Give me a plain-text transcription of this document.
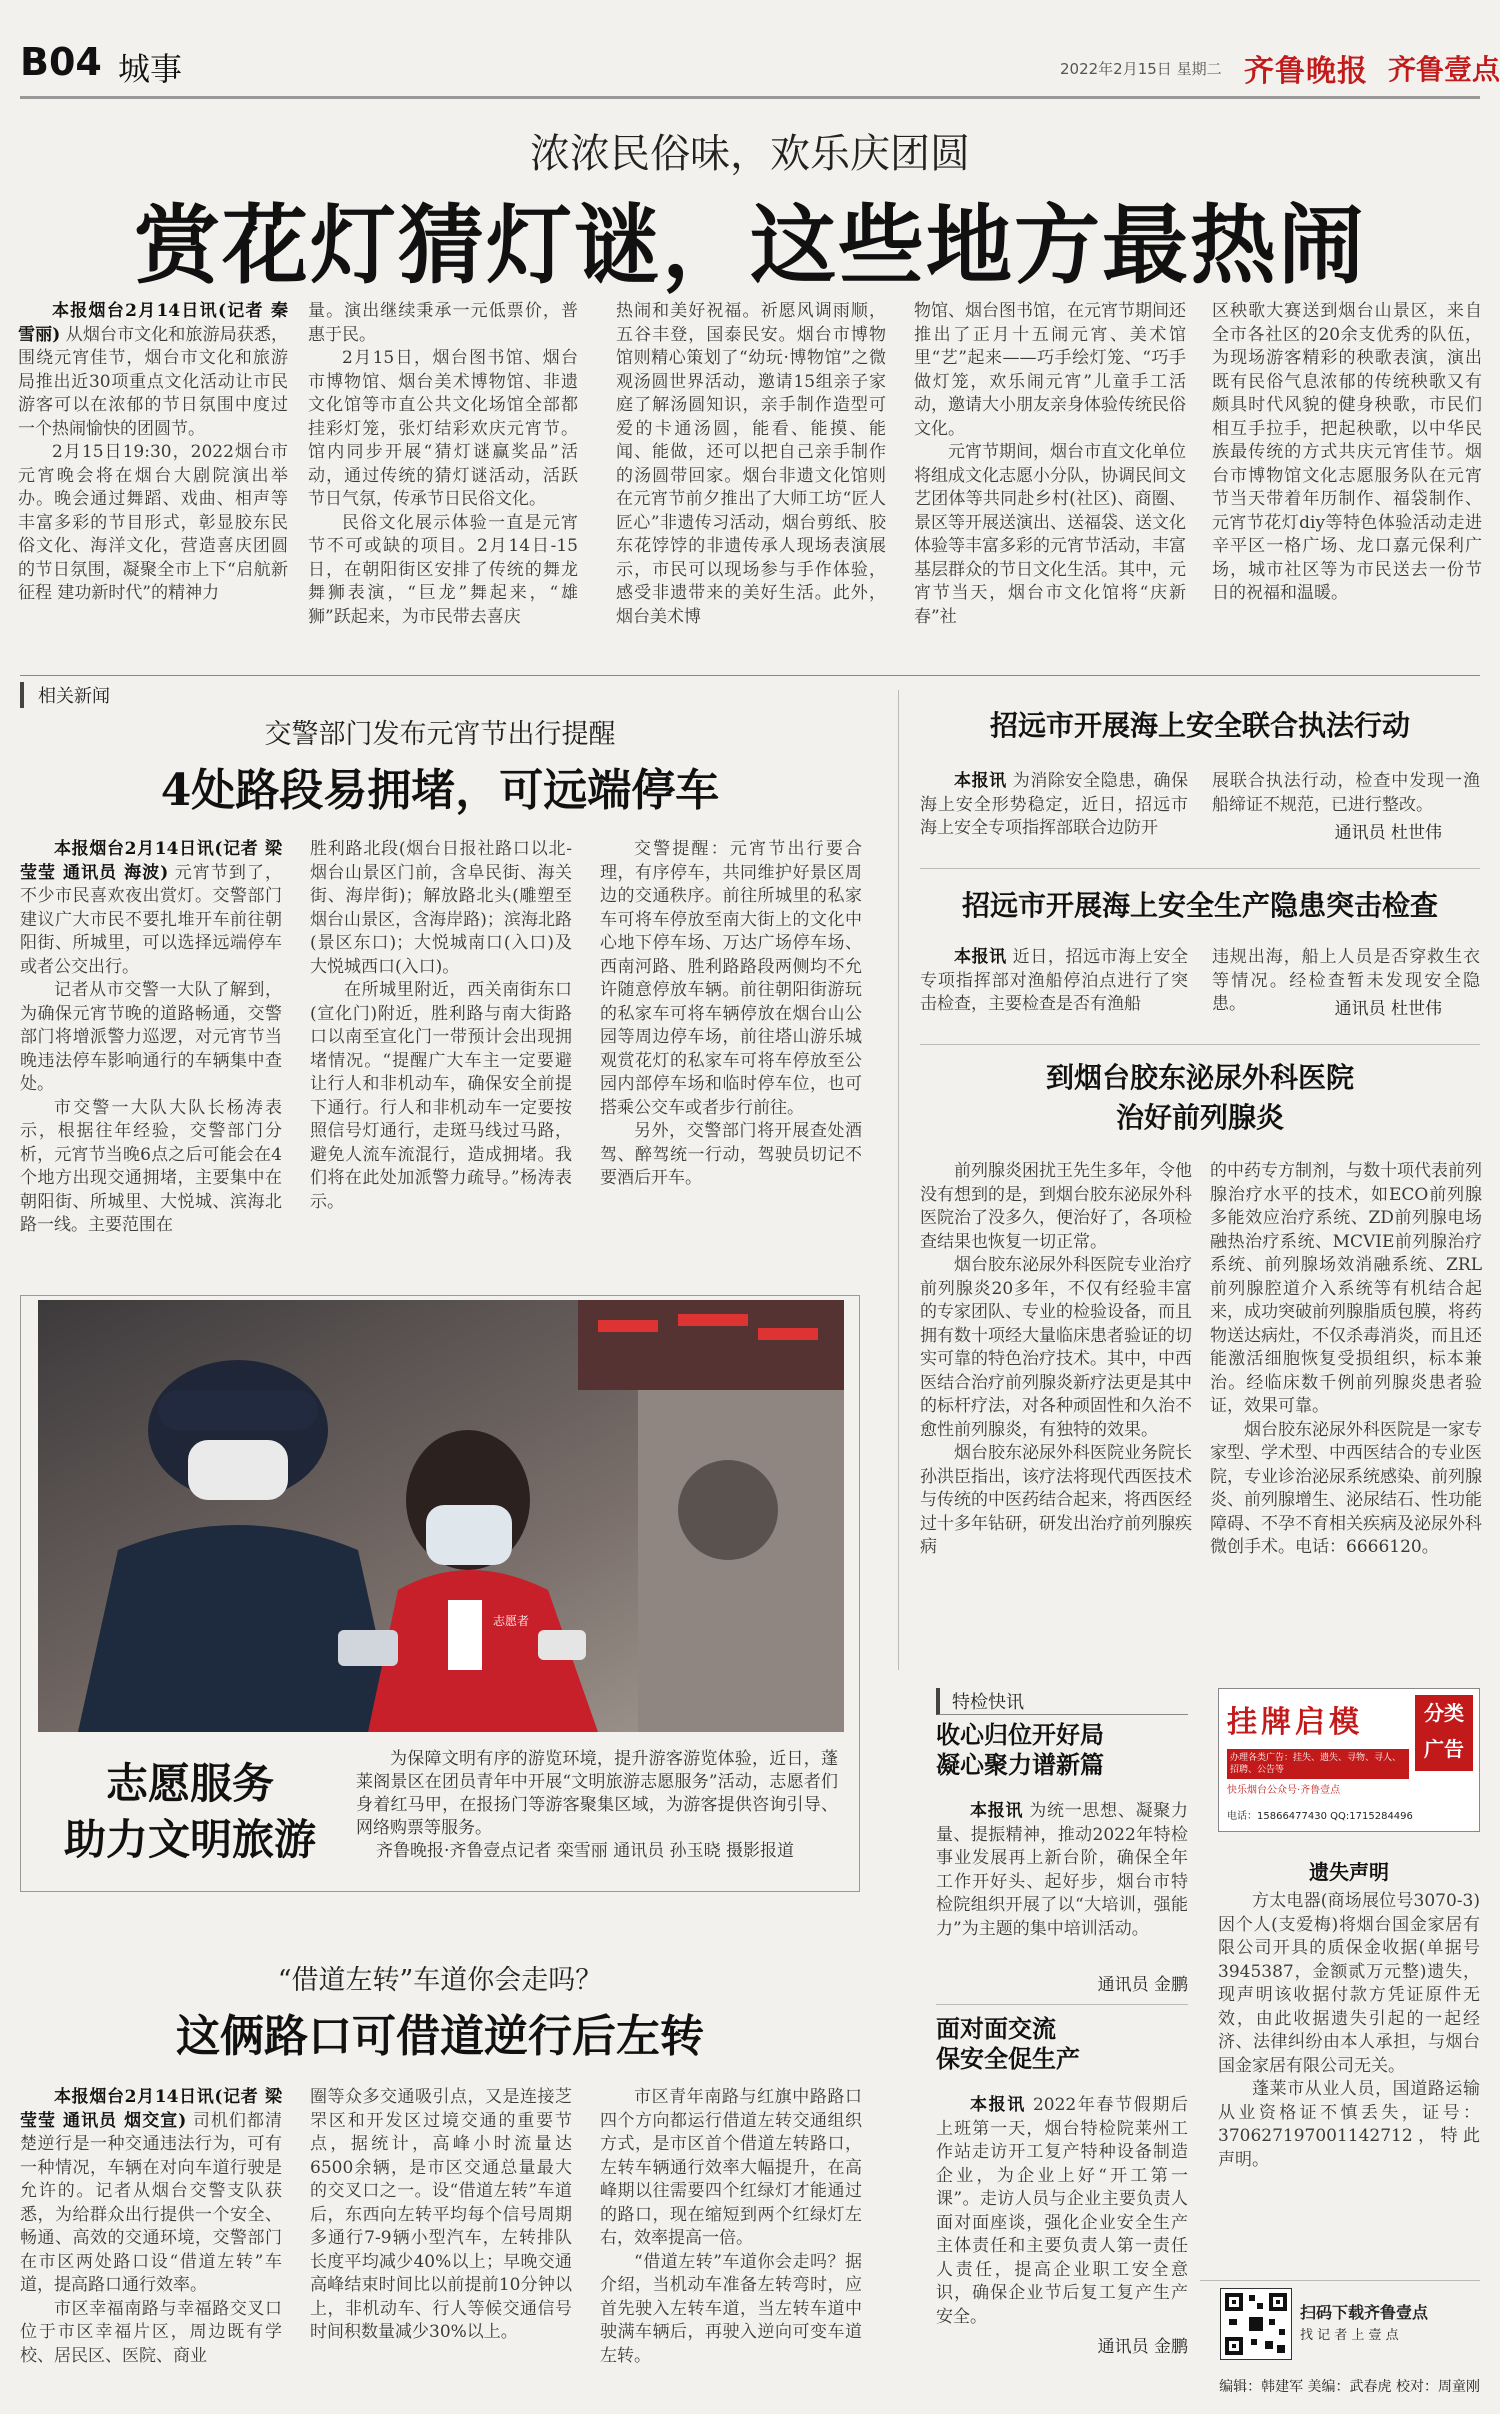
B04 城事	2022年2月15日 星期二 齐鲁晚报 齐鲁壹点
浓浓民俗味，欢乐庆团圆
赏花灯猜灯谜，这些地方最热闹

本报烟台2月14日讯(记者 秦雪丽) 从烟台市文化和旅游局获悉，围绕元宵佳节，烟台市文化和旅游局推出近30项重点文化活动让市民游客可以在浓郁的节日氛围中度过一个热闹愉快的团圆节。

2月15日19:30，2022烟台市元宵晚会将在烟台大剧院演出举办。晚会通过舞蹈、戏曲、相声等丰富多彩的节目形式，彰显胶东民俗文化、海洋文化，营造喜庆团圆的节日氛围，凝聚全市上下“启航新征程 建功新时代”的精神力

量。演出继续秉承一元低票价，普惠于民。

2月15日，烟台图书馆、烟台市博物馆、烟台美术博物馆、非遗文化馆等市直公共文化场馆全部都挂彩灯笼，张灯结彩欢庆元宵节。馆内同步开展“猜灯谜赢奖品”活动，通过传统的猜灯谜活动，活跃节日气氛，传承节日民俗文化。

民俗文化展示体验一直是元宵节不可或缺的项目。2月14日-15日，在朝阳街区安排了传统的舞龙舞狮表演，“巨龙”舞起来，“雄狮”跃起来，为市民带去喜庆

热闹和美好祝福。祈愿风调雨顺，五谷丰登，国泰民安。烟台市博物馆则精心策划了“幼玩·博物馆”之微观汤圆世界活动，邀请15组亲子家庭了解汤圆知识，亲手制作造型可爱的卡通汤圆，能看、能摸、能闻、能做，还可以把自己亲手制作的汤圆带回家。烟台非遗文化馆则在元宵节前夕推出了大师工坊“匠人匠心”非遗传习活动，烟台剪纸、胶东花饽饽的非遗传承人现场表演展示，市民可以现场参与手作体验，感受非遗带来的美好生活。此外，烟台美术博

物馆、烟台图书馆，在元宵节期间还推出了正月十五闹元宵、美术馆里“艺”起来——巧手绘灯笼、“巧手做灯笼，欢乐闹元宵”儿童手工活动，邀请大小朋友亲身体验传统民俗文化。

元宵节期间，烟台市直文化单位将组成文化志愿小分队，协调民间文艺团体等共同赴乡村(社区)、商圈、景区等开展送演出、送福袋、送文化体验等丰富多彩的元宵节活动，丰富基层群众的节日文化生活。其中，元宵节当天，烟台市文化馆将“庆新春”社

区秧歌大赛送到烟台山景区，来自全市各社区的20余支优秀的队伍，为现场游客精彩的秧歌表演，演出既有民俗气息浓郁的传统秧歌又有颇具时代风貌的健身秧歌，市民们相互手拉手，把起秧歌，以中华民族最传统的方式共庆元宵佳节。烟台市博物馆文化志愿服务队在元宵节当天带着年历制作、福袋制作、元宵节花灯diy等特色体验活动走进辛平区一格广场、龙口嘉元保利广场，城市社区等为市民送去一份节日的祝福和温暖。

相关新闻
交警部门发布元宵节出行提醒
4处路段易拥堵，可远端停车

本报烟台2月14日讯(记者 梁莹莹 通讯员 海波) 元宵节到了，不少市民喜欢夜出赏灯。交警部门建议广大市民不要扎堆开车前往朝阳街、所城里，可以选择远端停车或者公交出行。

记者从市交警一大队了解到，为确保元宵节晚的道路畅通，交警部门将增派警力巡逻，对元宵节当晚违法停车影响通行的车辆集中查处。

市交警一大队大队长杨涛表示，根据往年经验，交警部门分析，元宵节当晚6点之后可能会在4个地方出现交通拥堵，主要集中在朝阳街、所城里、大悦城、滨海北路一线。主要范围在

胜利路北段(烟台日报社路口以北-烟台山景区门前，含阜民街、海关街、海岸街)；解放路北头(雕塑至烟台山景区，含海岸路)；滨海北路(景区东口)；大悦城南口(入口)及大悦城西口(入口)。

在所城里附近，西关南街东口(宣化门)附近，胜利路与南大街路口以南至宣化门一带预计会出现拥堵情况。“提醒广大车主一定要避让行人和非机动车，确保安全前提下通行。行人和非机动车一定要按照信号灯通行，走斑马线过马路，避免人流车流混行，造成拥堵。我们将在此处加派警力疏导。”杨涛表示。

交警提醒：元宵节出行要合理，有序停车，共同维护好景区周边的交通秩序。前往所城里的私家车可将车停放至南大街上的文化中心地下停车场、万达广场停车场、西南河路、胜利路路段两侧均不允许随意停放车辆。前往朝阳街游玩的私家车可将车辆停放在烟台山公园等周边停车场，前往塔山游乐城观赏花灯的私家车可将车停放至公园内部停车场和临时停车位，也可搭乘公交车或者步行前往。

另外，交警部门将开展查处酒驾、醉驾统一行动，驾驶员切记不要酒后开车。

志愿者
志愿服务
助力文明旅游

为保障文明有序的游览环境，提升游客游览体验，近日，蓬莱阁景区在团员青年中开展“文明旅游志愿服务”活动，志愿者们身着红马甲，在报扬门等游客聚集区域，为游客提供咨询引导、网络购票等服务。

齐鲁晚报·齐鲁壹点记者 栾雪丽 通讯员 孙玉晓 摄影报道

“借道左转”车道你会走吗？
这俩路口可借道逆行后左转

本报烟台2月14日讯(记者 梁莹莹 通讯员 烟交宣) 司机们都清楚逆行是一种交通违法行为，可有一种情况，车辆在对向车道行驶是允许的。记者从烟台交警支队获悉，为给群众出行提供一个安全、畅通、高效的交通环境，交警部门在市区两处路口设“借道左转”车道，提高路口通行效率。

市区幸福南路与幸福路交叉口位于市区幸福片区，周边既有学校、居民区、医院、商业

圈等众多交通吸引点，又是连接芝罘区和开发区过境交通的重要节点，据统计，高峰小时流量达6500余辆，是市区交通总量最大的交叉口之一。设“借道左转”车道后，东西向左转平均每个信号周期多通行7-9辆小型汽车，左转排队长度平均减少40%以上；早晚交通高峰结束时间比以前提前10分钟以上，非机动车、行人等候交通信号时间积数量减少30%以上。

市区青年南路与红旗中路路口四个方向都运行借道左转交通组织方式，是市区首个借道左转路口，左转车辆通行效率大幅提升，在高峰期以往需要四个红绿灯才能通过的路口，现在缩短到两个红绿灯左右，效率提高一倍。

“借道左转”车道你会走吗？据介绍，当机动车准备左转弯时，应首先驶入左转车道，当左转车道中驶满车辆后，再驶入逆向可变车道左转。

招远市开展海上安全联合执法行动

本报讯 为消除安全隐患，确保海上安全形势稳定，近日，招远市海上安全专项指挥部联合边防开

展联合执法行动，检查中发现一渔船缔证不规范，已进行整改。

通讯员 杜世伟
招远市开展海上安全生产隐患突击检查

本报讯 近日，招远市海上安全专项指挥部对渔船停泊点进行了突击检查，主要检查是否有渔船

违规出海，船上人员是否穿救生衣等情况。经检查暂未发现安全隐患。	通讯员 杜世伟
到烟台胶东泌尿外科医院
治好前列腺炎

前列腺炎困扰王先生多年，令他没有想到的是，到烟台胶东泌尿外科医院治了没多久，便治好了，各项检查结果也恢复一切正常。

烟台胶东泌尿外科医院专业治疗前列腺炎20多年，不仅有经验丰富的专家团队、专业的检验设备，而且拥有数十项经大量临床患者验证的切实可靠的特色治疗技术。其中，中西医结合治疗前列腺炎新疗法更是其中的标杆疗法，对各种顽固性和久治不愈性前列腺炎，有独特的效果。

烟台胶东泌尿外科医院业务院长孙洪臣指出，该疗法将现代西医技术与传统的中医药结合起来，将西医经过十多年钻研，研发出治疗前列腺疾病

的中药专方制剂，与数十项代表前列腺治疗水平的技术，如ECO前列腺多能效应治疗系统、ZD前列腺电场融热治疗系统、MCVIE前列腺治疗系统、前列腺场效消融系统、ZRL前列腺腔道介入系统等有机结合起来，成功突破前列腺脂质包膜，将药物送达病灶，不仅杀毒消炎，而且还能激活细胞恢复受损组织，标本兼治。经临床数千例前列腺炎患者验证，效果可靠。

烟台胶东泌尿外科医院是一家专家型、学术型、中西医结合的专业医院，专业诊治泌尿系统感染、前列腺炎、前列腺增生、泌尿结石、性功能障碍、不孕不育相关疾病及泌尿外科微创手术。电话：6666120。

特检快讯
收心归位开好局
凝心聚力谱新篇

本报讯 为统一思想、凝聚力量、提振精神，推动2022年特检事业发展再上新台阶，确保全年工作开好头、起好步，烟台市特检院组织开展了以“大培训，强能力”为主题的集中培训活动。

通讯员 金鹏
面对面交流
保安全促生产

本报讯 2022年春节假期后上班第一天，烟台特检院莱州工作站走访开工复产特种设备制造企业，为企业上好“开工第一课”。走访人员与企业主要负责人面对面座谈，强化企业安全生产主体责任和主要负责人第一责任人责任，提高企业职工安全意识，确保企业节后复工复产生产安全。

通讯员 金鹏
挂 牌 启 模	分类广告
办理各类广告：挂失、遗失、寻物、寻人、招聘、公告等
快乐烟台公众号·齐鲁壹点
电话：15866477430 QQ:1715284496
遗失声明

方太电器(商场展位号3070-3)因个人(支爱梅)将烟台国金家居有限公司开具的质保金收据(单据号3945387，金额贰万元整)遗失，现声明该收据付款方凭证原件无效，由此收据遗失引起的一起经济、法律纠纷由本人承担，与烟台国金家居有限公司无关。

蓬莱市从业人员，国道路运输从业资格证不慎丢失，证号：370627197001142712，特此声明。

扫码下载齐鲁壹点
找 记 者 上 壹 点
编辑：韩建军 美编：武春虎 校对：周童刚
